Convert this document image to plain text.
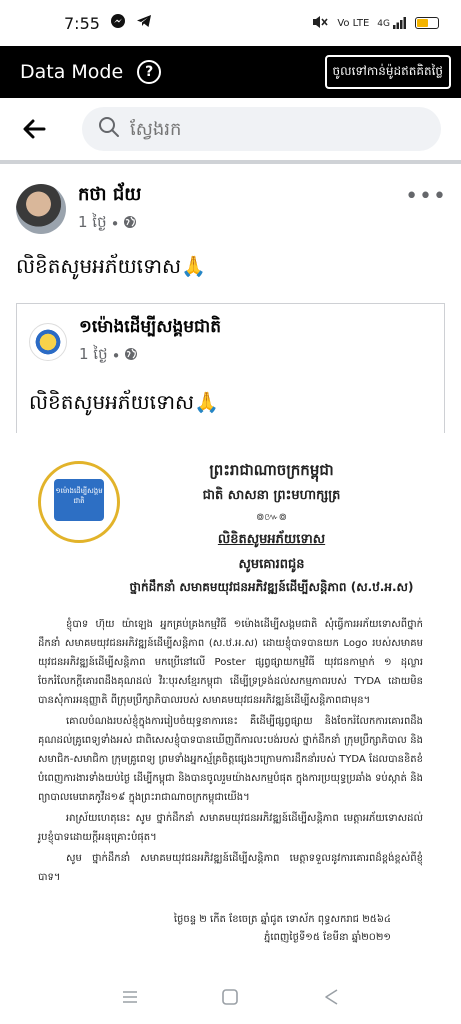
7:55	Vo LTE 4G
Data Mode	?	ចូលទៅកាន់ម៉ូដឥតគិតថ្លៃ
ស្វែងរក
កថា ជ័យ
1 ថ្ងៃ •
•••
លិខិតសូមអភ័យទោស🙏
១ម៉ោងដើម្បីសង្គមជាតិ
1 ថ្ងៃ •
លិខិតសូមអភ័យទោស🙏
១ម៉ោងដើម្បីសង្គមជាតិ
ព្រះរាជាណាចក្រកម្ពុជា
ជាតិ សាសនា ព្រះមហាក្សត្រ
៙៚៙
លិខិតសូមអភ័យទោស
សូមគោរពជូន
ថ្នាក់ដឹកនាំ សមាគមយុវជនអភិវឌ្ឍន៍ដើម្បីសន្តិភាព (ស.ឋ.អ.ស)

ខ្ញុំបាទ ហ៊ុយ យ៉ាឡេង អ្នកគ្រប់គ្រងកម្មវិធី ១ម៉ោងដើម្បីសង្គមជាតិ សុំធ្វើការអភ័យទោសពីថ្នាក់ដឹកនាំ សមាគមយុវជនអភិវឌ្ឍន៍ដើម្បីសន្តិភាព (ស.ឋ.អ.ស) ដោយខ្ញុំបាទបានយក Logo របស់សមាគមយុវជនអភិវឌ្ឍន៍ដើម្បីសន្តិភាព មកប្រើនៅលើ Poster ផ្សព្វផ្សាយកម្មវិធី យុវជនកាម្មាក់ ១ ដុល្លារ ចែករំលែកក្ដីគោរពដឹងគុណដល់ វិរៈបុរសខ្មែរកម្ពុជា ដើម្បីទ្រទ្រង់ដល់សកម្មភាពរបស់ TYDA ដោយមិនបានសុំការអនុញ្ញាតិ ពីក្រុមប្រឹក្សាភិបាលរបស់ សមាគមយុវជនអភិវឌ្ឍន៍ដើម្បីសន្តិភាពជាមុន។

គោលបំណងរបស់ខ្ញុំក្នុងការរៀបចំយុទ្ធនាការនេះ គឺដើម្បីផ្សព្វផ្សាយ និងចែករំលែកការគោរពដឹងគុណដល់គ្រូពេទ្យទាំងអស់ ជាពិសេសខ្ញុំបាទបានឃើញពីការលះបង់របស់ ថ្នាក់ដឹកនាំ ក្រុមប្រឹក្សាភិបាល និងសមាជិក-សមាជិកា ក្រុមគ្រូពេទ្យ ព្រមទាំងអ្នកស្ម័គ្រចិត្តផ្សេងៗក្រោមការដឹកនាំរបស់ TYDA ដែលបានខិតខំបំពេញការងារទាំងយប់ថ្ងៃ ដើម្បីកម្ពុជា និងបានចូលរួមយ៉ាងសកម្មបំផុត ក្នុងការប្រយុទ្ធប្រឆាំង ទប់ស្កាត់ និង ព្យាបាលមេរោគកូវីដ១៩ ក្នុងព្រះរាជាណាចក្រកម្ពុជាយើង។

អាស្រ័យហេតុនេះ សូម ថ្នាក់ដឹកនាំ សមាគមយុវជនអភិវឌ្ឍន៍ដើម្បីសន្តិភាព មេត្តាអភ័យទោសដល់រូបខ្ញុំបាទដោយក្ដីអនុគ្រោះបំផុត។

សូម ថ្នាក់ដឹកនាំ សមាគមយុវជនអភិវឌ្ឍន៍ដើម្បីសន្តិភាព មេត្តាទទួលនូវការគោរពដ៏ខ្ពង់ខ្ពស់ពីខ្ញុំបាទ។

ថ្ងៃចន្ទ ២ កើត ខែចេត្រ ឆ្នាំជូត ទោស័ក ពុទ្ធសករាជ ២៥៦៤
ភ្នំពេញថ្ងៃទី១៥ ខែមីនា ឆ្នាំ២០២១
